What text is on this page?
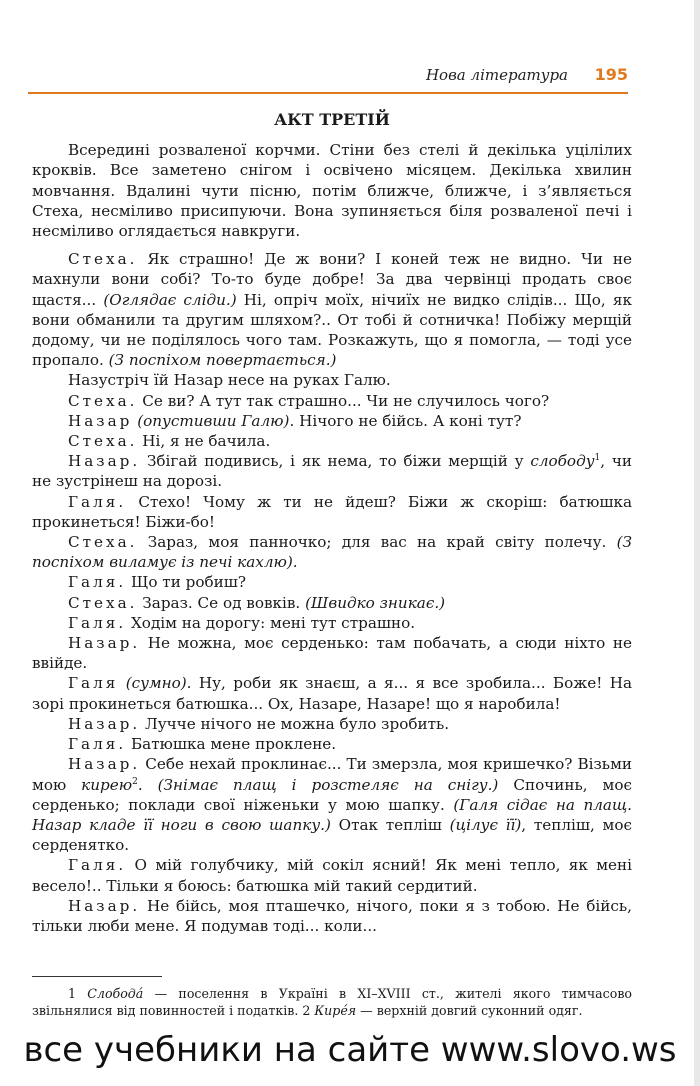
Нова література 195
АКТ ТРЕТІЙ

Всередині розваленої корчми. Стіни без стелі й декілька уцілілих кроквів. Все заметено снігом і освічено місяцем. Декілька хвилин мовчання. Вдалині чути пісню, потім ближче, ближче, і з’являється Стеха, несміливо присипуючи. Вона зупиняється біля розваленої печі і несміливо оглядається навкруги.

Стеха. Як страшно! Де ж вони? І коней теж не видно. Чи не махнули вони собі? То-то буде добре! За два червінці продать своє щастя... (Оглядає сліди.) Ні, опріч моїх, нічиїх не видко слідів... Що, як вони обманили та другим шляхом?.. От тобі й сотничка! Побіжу мерщій додому, чи не поділялось чого там. Розкажуть, що я помогла, — тоді усе пропало. (З поспіхом повертається.)

Назустріч їй Назар несе на руках Галю.

Стеха. Се ви? А тут так страшно... Чи не случилось чого?

Назар (опустивши Галю). Нічого не бійсь. А коні тут?

Стеха. Ні, я не бачила.

Назар. Збігай подивись, і як нема, то біжи мерщій у слободу$^1$, чи не зустрінеш на дорозі.

Галя. Стехо! Чому ж ти не йдеш? Біжи ж скоріш: батюшка прокинеться! Біжи-бо!

Стеха. Зараз, моя панночко; для вас на край світу полечу. (З поспіхом виламує із печі кахлю).

Галя. Що ти робиш?

Стеха. Зараз. Се од вовків. (Швидко зникає.)

Галя. Ходім на дорогу: мені тут страшно.

Назар. Не можна, моє серденько: там побачать, а сюди ніхто не ввійде.

Галя (сумно). Ну, роби як знаєш, а я... я все зробила... Боже! На зорі прокинеться батюшка... Ох, Назаре, Назаре! що я наробила!

Назар. Лучче нічого не можна було зробить.

Галя. Батюшка мене проклене.

Назар. Себе нехай проклинає... Ти змерзла, моя кришечко? Візьми мою кирею$^2$. (Знімає плащ і розстеляє на снігу.) Спочинь, моє серденько; поклади свої ніженьки у мою шапку. (Галя сідає на плащ. Назар кладе її ноги в свою шапку.) Отак тепліш (цілує її), тепліш, моє серденятко.

Галя. О мій голубчику, мій сокіл ясний! Як мені тепло, як мені весело!.. Тільки я боюсь: батюшка мій такий сердитий.

Назар. Не бійсь, моя пташечко, нічого, поки я з тобою. Не бійсь, тільки люби мене. Я подумав тоді... коли...

1 Слободá — поселення в Україні в XI–XVIII ст., жителі якого тимчасово звільнялися від повинностей і податків. 2 Кирéя — верхній довгий суконний одяг.

все учебники на сайте www.slovo.ws
